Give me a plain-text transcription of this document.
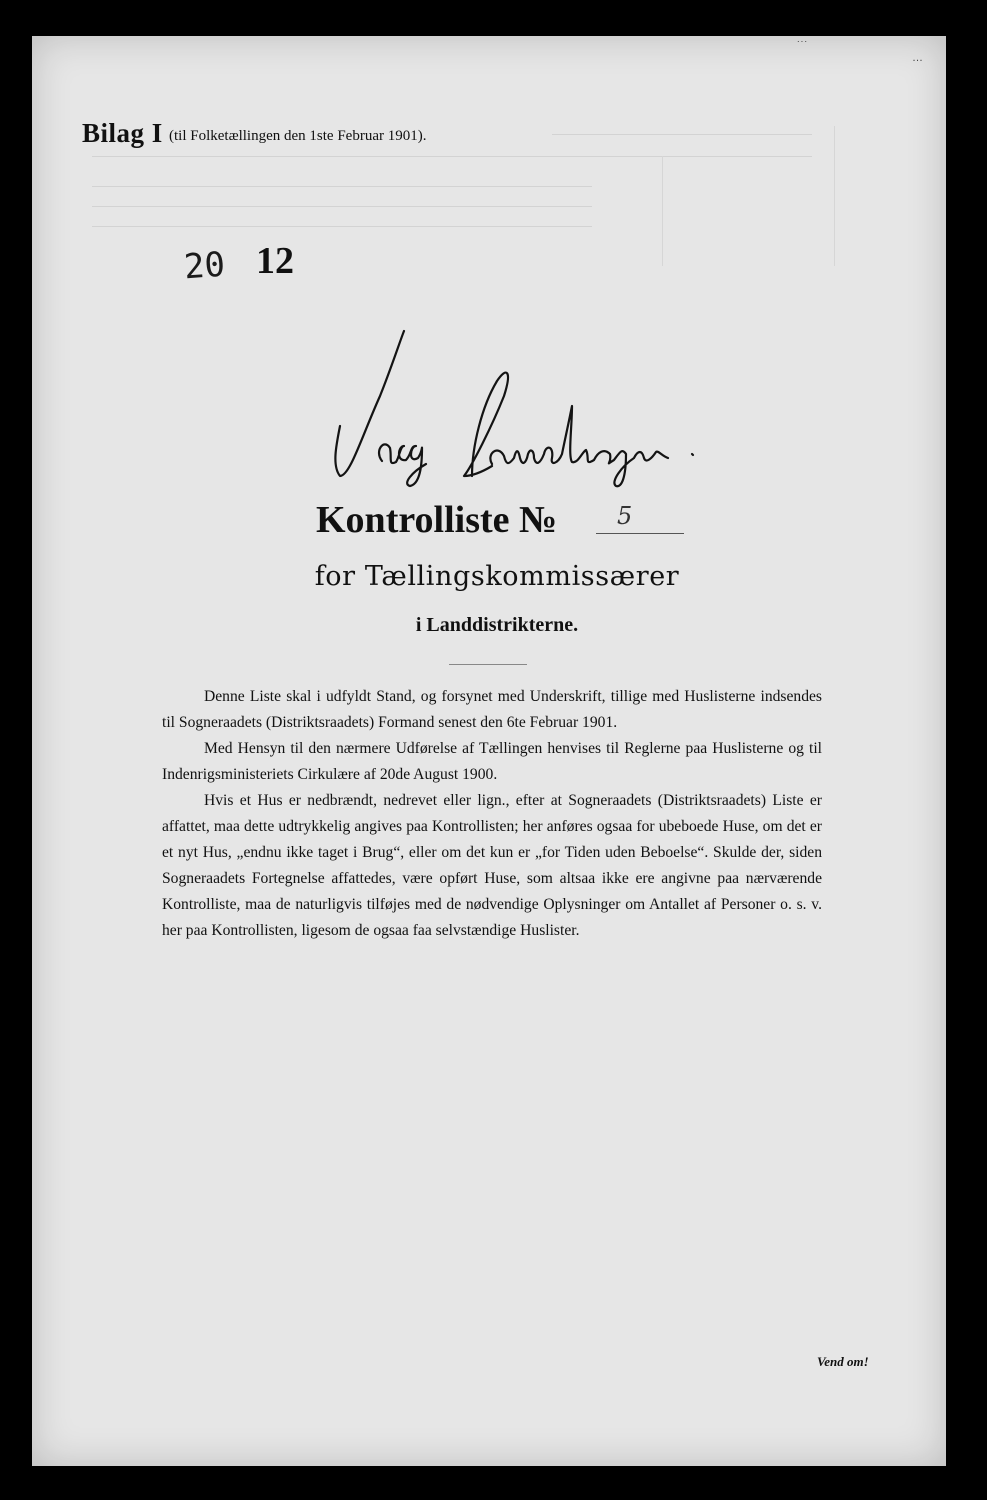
˙˙˙
…
Bilag I (til Folketællingen den 1ste Februar 1901).
20 12
Kontrolliste № 5
for Tællingskommissærer
i Landdistrikterne.

Denne Liste skal i udfyldt Stand, og forsynet med Underskrift, tillige med Huslisterne indsendes til Sogneraadets (Distriktsraadets) Formand senest den 6te Februar 1901.

Med Hensyn til den nærmere Udførelse af Tællingen henvises til Reglerne paa Huslisterne og til Indenrigsministeriets Cirkulære af 20de August 1900.

Hvis et Hus er nedbrændt, nedrevet eller lign., efter at Sogneraadets (Distriktsraadets) Liste er affattet, maa dette udtrykkelig angives paa Kontrollisten; her anføres ogsaa for ubeboede Huse, om det er et nyt Hus, „endnu ikke taget i Brug“, eller om det kun er „for Tiden uden Beboelse“. Skulde der, siden Sogneraadets Fortegnelse affattedes, være opført Huse, som altsaa ikke ere angivne paa nærværende Kontrolliste, maa de naturligvis tilføjes med de nødvendige Oplysninger om Antallet af Personer o. s. v. her paa Kontrollisten, ligesom de ogsaa faa selvstændige Huslister.

Vend om!
